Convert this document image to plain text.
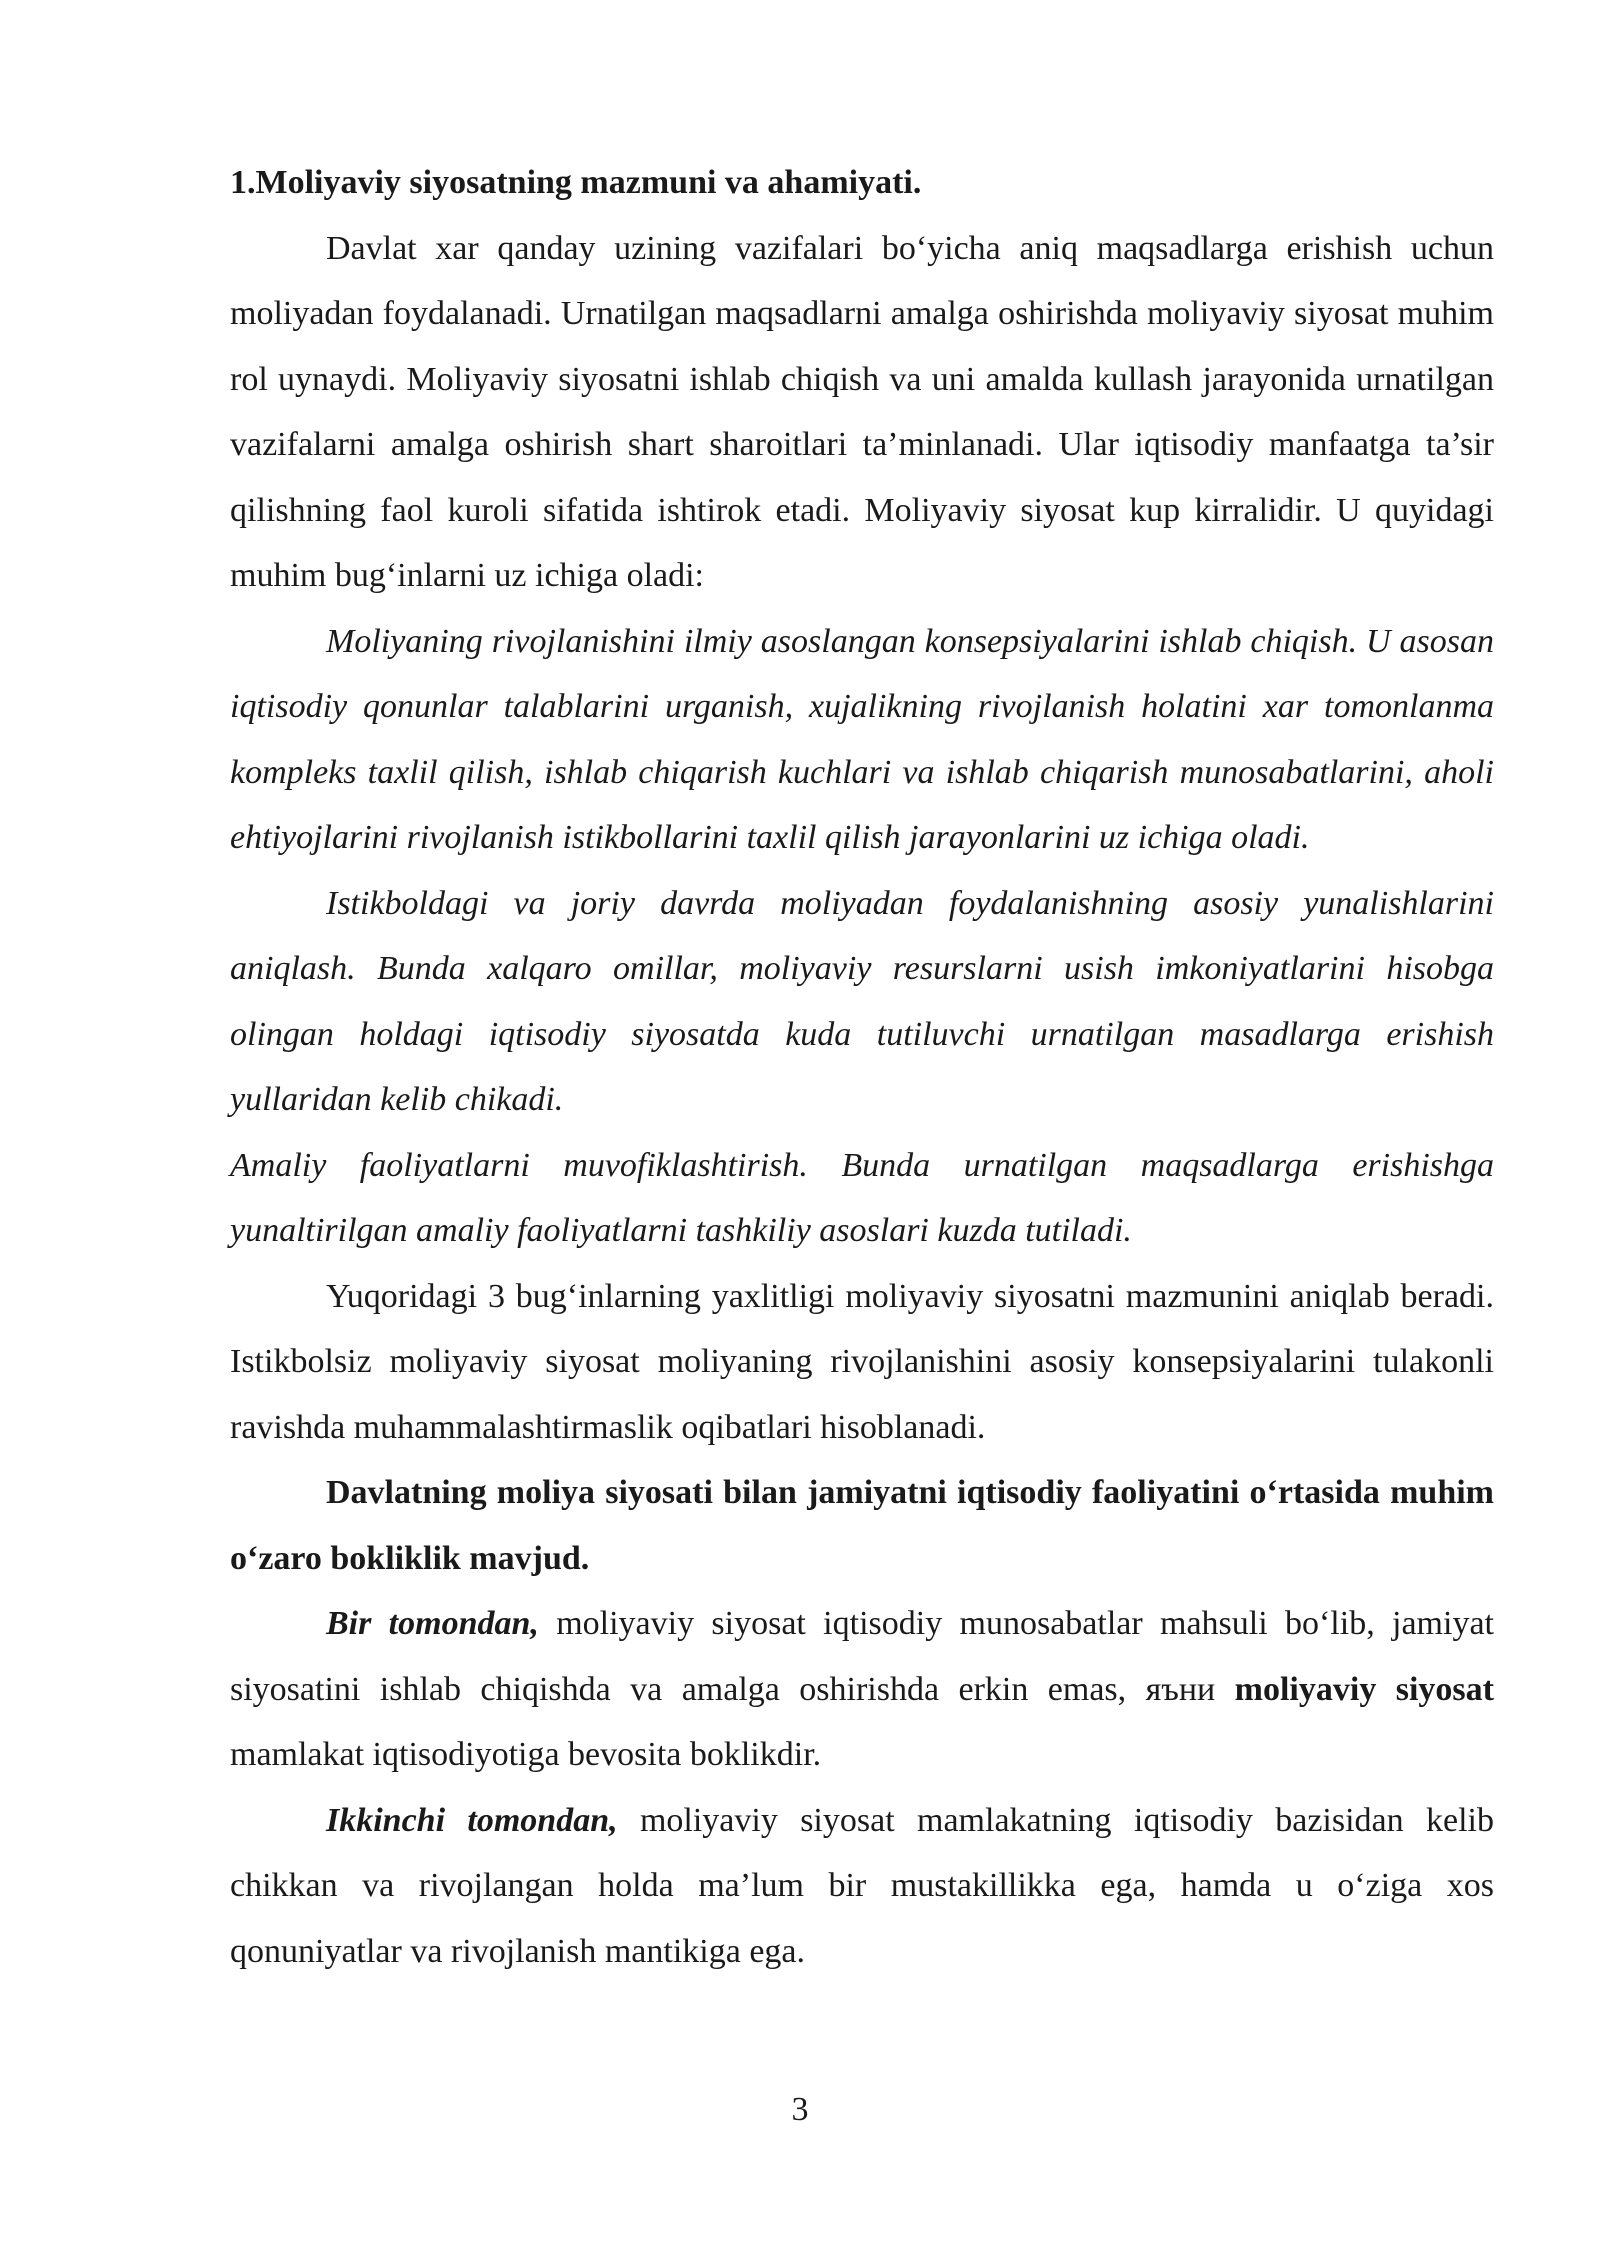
1.Moliyaviy siyosatning mazmuni va ahamiyati.

Davlat xar qanday uzining vazifalari bo‘yicha aniq maqsadlarga erishish uchun moliyadan foydalanadi. Urnatilgan maqsadlarni amalga oshirishda moliyaviy siyosat muhim rol uynaydi. Moliyaviy siyosatni ishlab chiqish va uni amalda kullash jarayonida urnatilgan vazifalarni amalga oshirish shart sharoitlari ta’minlanadi. Ular iqtisodiy manfaatga ta’sir qilishning faol kuroli sifatida ishtirok etadi. Moliyaviy siyosat kup kirralidir. U quyidagi muhim bug‘inlarni uz ichiga oladi:

Moliyaning rivojlanishini ilmiy asoslangan konsepsiyalarini ishlab chiqish. U asosan iqtisodiy qonunlar talablarini urganish, xujalikning rivojlanish holatini xar tomonlanma kompleks taxlil qilish, ishlab chiqarish kuchlari va ishlab chiqarish munosabatlarini, aholi ehtiyojlarini rivojlanish istikbollarini taxlil qilish jarayonlarini uz ichiga oladi.

Istikboldagi va joriy davrda moliyadan foydalanishning asosiy yunalishlarini aniqlash. Bunda xalqaro omillar, moliyaviy resurslarni usish imkoniyatlarini hisobga olingan holdagi iqtisodiy siyosatda kuda tutiluvchi urnatilgan masadlarga erishish yullaridan kelib chikadi.

Amaliy faoliyatlarni muvofiklashtirish. Bunda urnatilgan maqsadlarga erishishga yunaltirilgan amaliy faoliyatlarni tashkiliy asoslari kuzda tutiladi.

Yuqoridagi 3 bug‘inlarning yaxlitligi moliyaviy siyosatni mazmunini aniqlab beradi. Istikbolsiz moliyaviy siyosat moliyaning rivojlanishini asosiy konsepsiyalarini tulakonli ravishda muhammalashtirmaslik oqibatlari hisoblanadi.

Davlatning moliya siyosati bilan jamiyatni iqtisodiy faoliyatini o‘rtasida muhim o‘zaro bokliklik mavjud.

Bir tomondan, moliyaviy siyosat iqtisodiy munosabatlar mahsuli bo‘lib, jamiyat siyosatini ishlab chiqishda va amalga oshirishda erkin emas, яъни moliyaviy siyosat mamlakat iqtisodiyotiga bevosita boklikdir.

Ikkinchi tomondan, moliyaviy siyosat mamlakatning iqtisodiy bazisidan kelib chikkan va rivojlangan holda ma’lum bir mustakillikka ega, hamda u o‘ziga xos qonuniyatlar va rivojlanish mantikiga ega.

3
